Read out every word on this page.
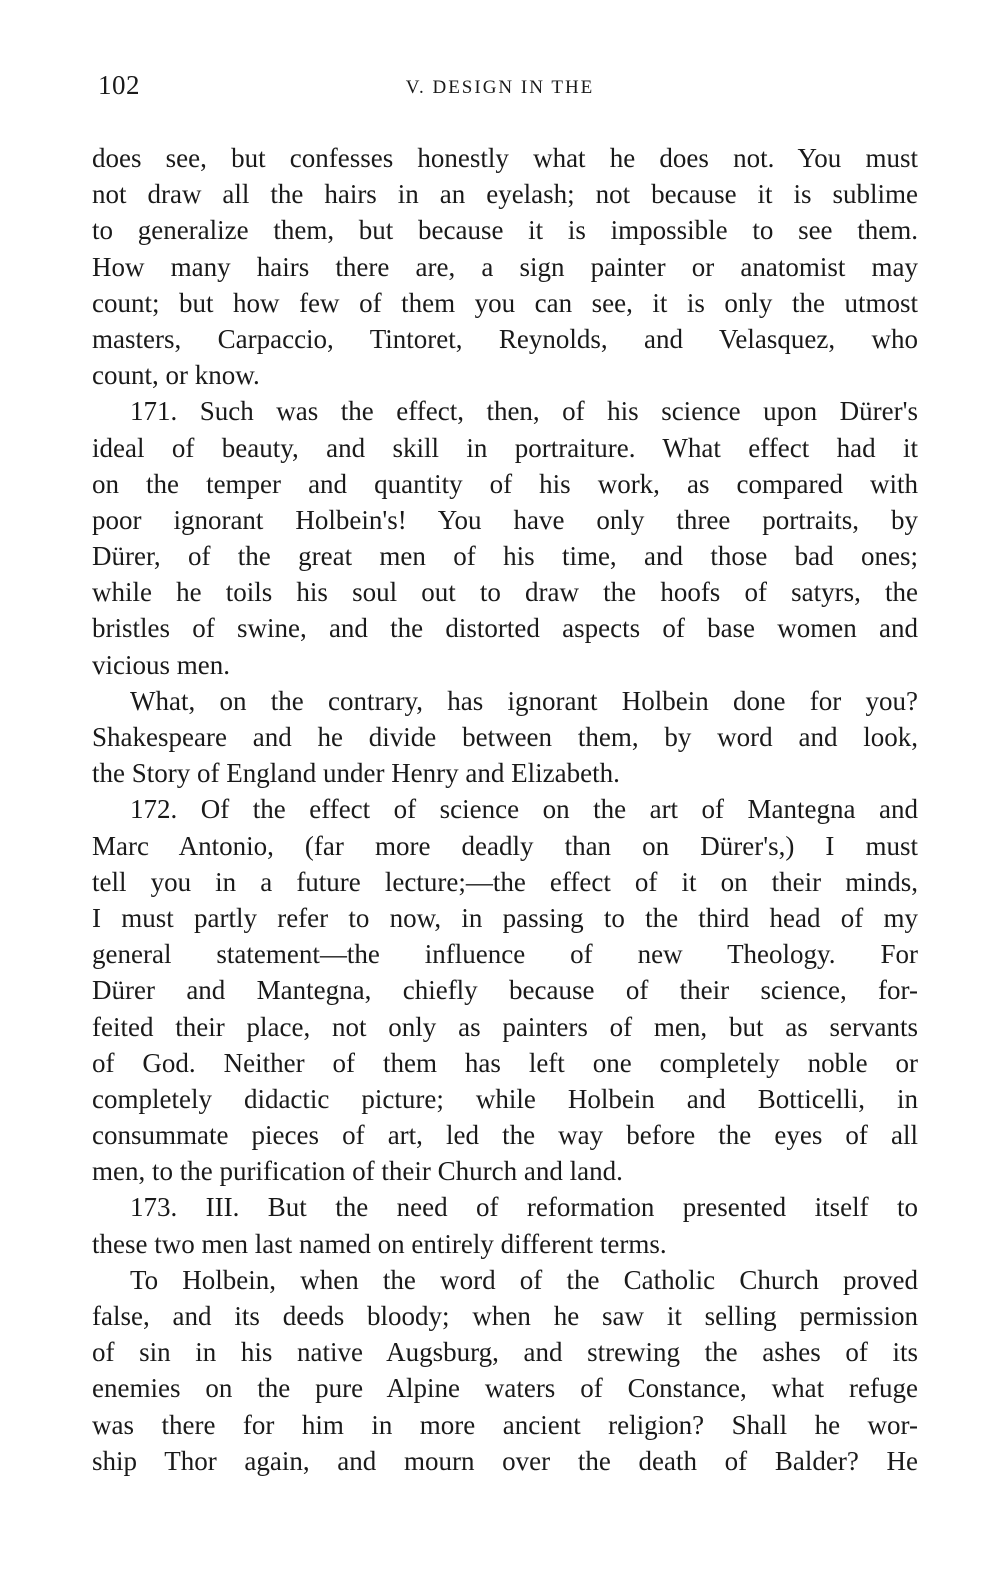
102	V. DESIGN IN THE
does see, but confesses honestly what he does not. You must
not draw all the hairs in an eyelash; not because it is sublime
to generalize them, but because it is impossible to see them.
How many hairs there are, a sign painter or anatomist may
count; but how few of them you can see, it is only the utmost
masters, Carpaccio, Tintoret, Reynolds, and Velasquez, who
count, or know.
171. Such was the effect, then, of his science upon Dürer's
ideal of beauty, and skill in portraiture. What effect had it
on the temper and quantity of his work, as compared with
poor ignorant Holbein's! You have only three portraits, by
Dürer, of the great men of his time, and those bad ones;
while he toils his soul out to draw the hoofs of satyrs, the
bristles of swine, and the distorted aspects of base women and
vicious men.
What, on the contrary, has ignorant Holbein done for you?
Shakespeare and he divide between them, by word and look,
the Story of England under Henry and Elizabeth.
172. Of the effect of science on the art of Mantegna and
Marc Antonio, (far more deadly than on Dürer's,) I must
tell you in a future lecture;—the effect of it on their minds,
I must partly refer to now, in passing to the third head of my
general statement—the influence of new Theology. For
Dürer and Mantegna, chiefly because of their science, for-
feited their place, not only as painters of men, but as servants
of God. Neither of them has left one completely noble or
completely didactic picture; while Holbein and Botticelli, in
consummate pieces of art, led the way before the eyes of all
men, to the purification of their Church and land.
173. III. But the need of reformation presented itself to
these two men last named on entirely different terms.
To Holbein, when the word of the Catholic Church proved
false, and its deeds bloody; when he saw it selling permission
of sin in his native Augsburg, and strewing the ashes of its
enemies on the pure Alpine waters of Constance, what refuge
was there for him in more ancient religion? Shall he wor-
ship Thor again, and mourn over the death of Balder? He
